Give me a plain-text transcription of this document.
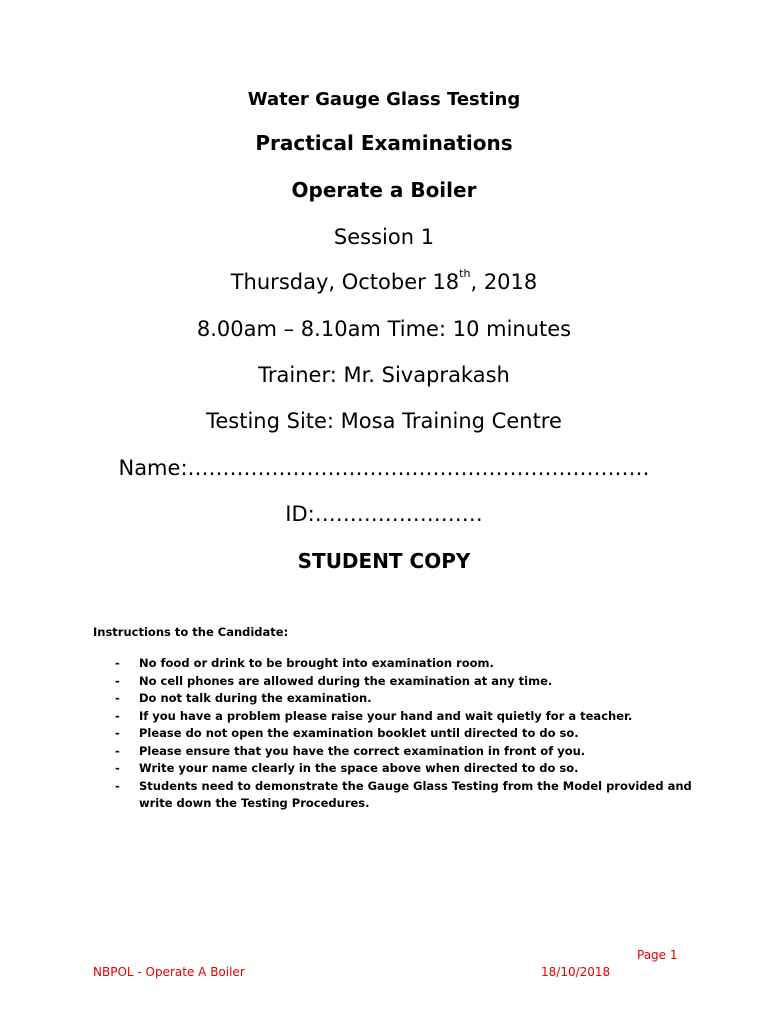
Water Gauge Glass Testing
Practical Examinations
Operate a Boiler
Session 1
Thursday, October 18th, 2018
8.00am – 8.10am Time: 10 minutes
Trainer: Mr. Sivaprakash
Testing Site: Mosa Training Centre
Name:…………………………………………………………
ID:……………………
STUDENT COPY
Instructions to the Candidate:
- No food or drink to be brought into examination room.
- No cell phones are allowed during the examination at any time.
- Do not talk during the examination.
- If you have a problem please raise your hand and wait quietly for a teacher.
- Please do not open the examination booklet until directed to do so.
- Please ensure that you have the correct examination in front of you.
- Write your name clearly in the space above when directed to do so.
- Students need to demonstrate the Gauge Glass Testing from the Model provided and write down the Testing Procedures.
Page 1
NBPOL - Operate A Boiler	18/10/2018
